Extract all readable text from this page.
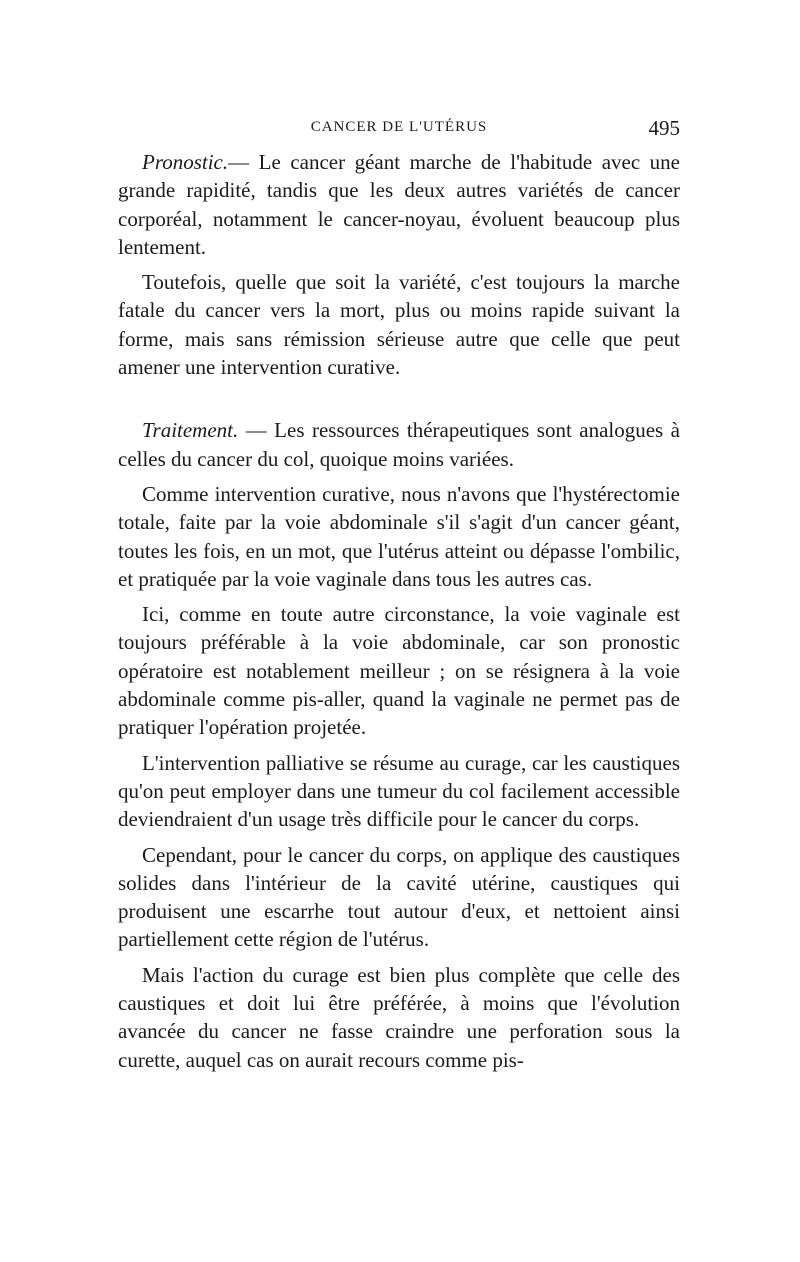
CANCER DE L'UTÉRUS	495

Pronostic.— Le cancer géant marche de l'habitude avec une grande rapidité, tandis que les deux autres variétés de cancer corporéal, notamment le cancer-noyau, évoluent beaucoup plus lentement.

Toutefois, quelle que soit la variété, c'est toujours la marche fatale du cancer vers la mort, plus ou moins rapide suivant la forme, mais sans rémission sérieuse autre que celle que peut amener une intervention curative.

Traitement. — Les ressources thérapeutiques sont analogues à celles du cancer du col, quoique moins variées.

Comme intervention curative, nous n'avons que l'hystérectomie totale, faite par la voie abdominale s'il s'agit d'un cancer géant, toutes les fois, en un mot, que l'utérus atteint ou dépasse l'ombilic, et pratiquée par la voie vaginale dans tous les autres cas.

Ici, comme en toute autre circonstance, la voie vaginale est toujours préférable à la voie abdominale, car son pronostic opératoire est notablement meilleur ; on se résignera à la voie abdominale comme pis-aller, quand la vaginale ne permet pas de pratiquer l'opération projetée.

L'intervention palliative se résume au curage, car les caustiques qu'on peut employer dans une tumeur du col facilement accessible deviendraient d'un usage très difficile pour le cancer du corps.

Cependant, pour le cancer du corps, on applique des caustiques solides dans l'intérieur de la cavité utérine, caustiques qui produisent une escarrhe tout autour d'eux, et nettoient ainsi partiellement cette région de l'utérus.

Mais l'action du curage est bien plus complète que celle des caustiques et doit lui être préférée, à moins que l'évolution avancée du cancer ne fasse craindre une perforation sous la curette, auquel cas on aurait recours comme pis-
